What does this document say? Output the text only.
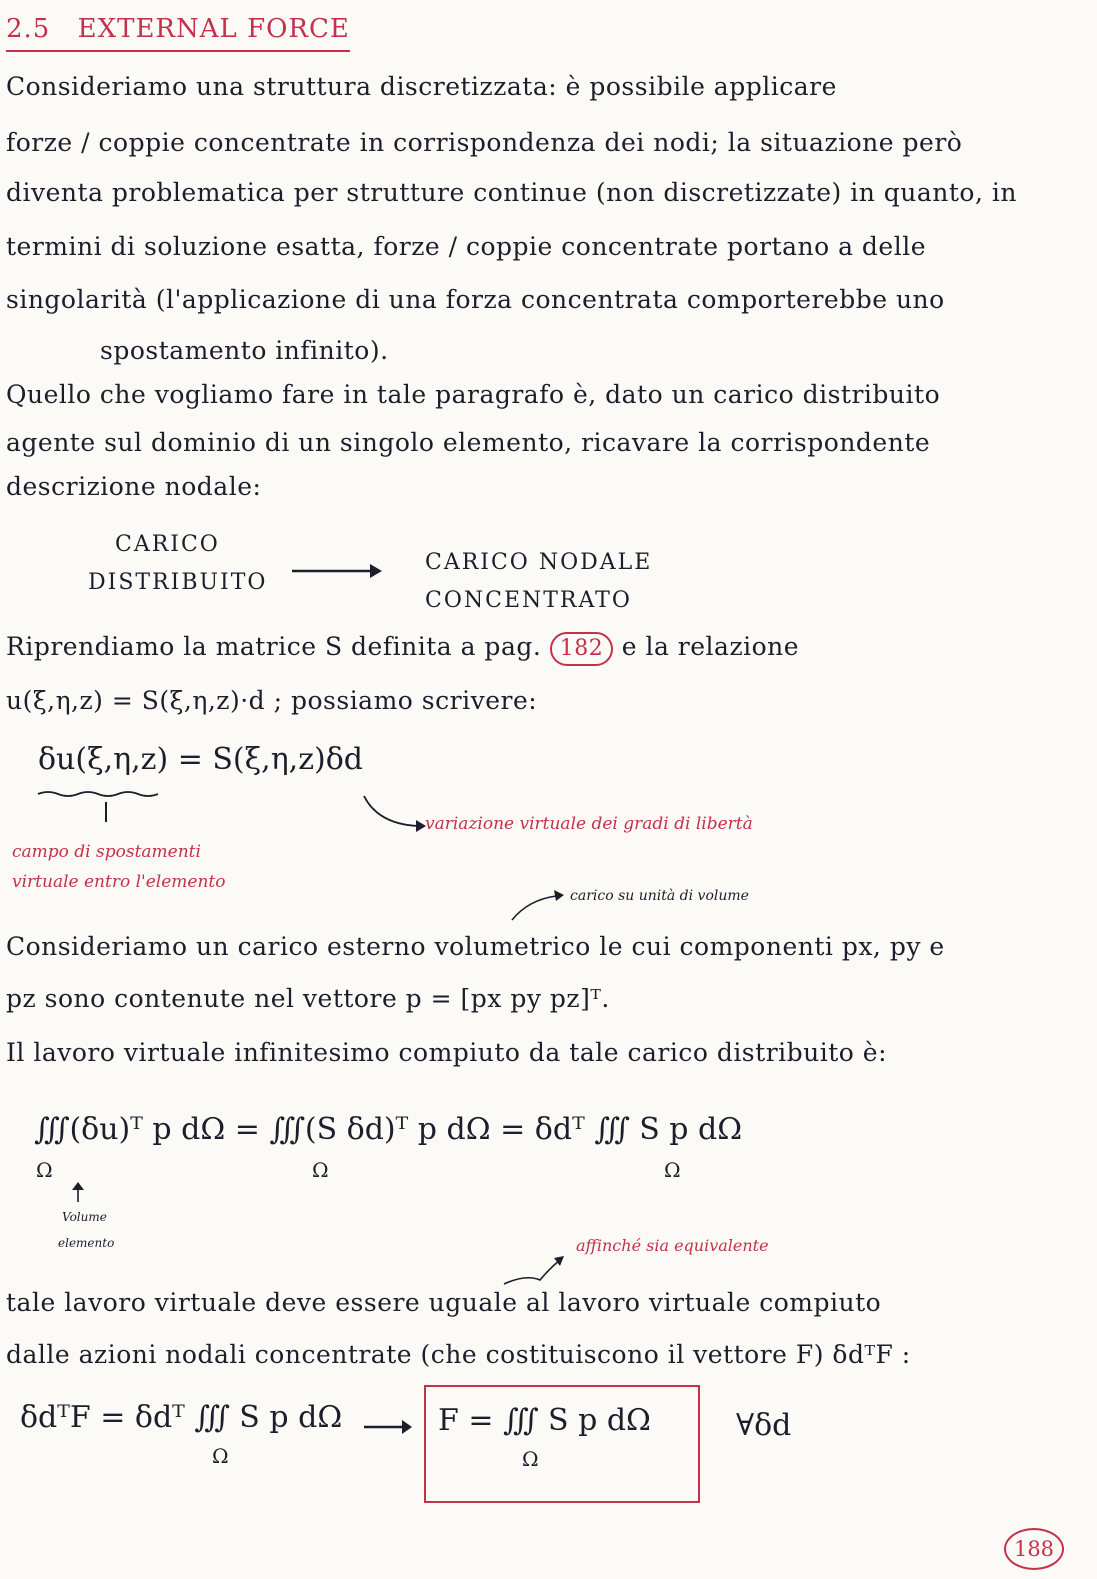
2.5 EXTERNAL FORCE
Consideriamo una struttura discretizzata: è possibile applicare
forze / coppie concentrate in corrispondenza dei nodi; la situazione però
diventa problematica per strutture continue (non discretizzate) in quanto, in
termini di soluzione esatta, forze / coppie concentrate portano a delle
singolarità (l'applicazione di una forza concentrata comporterebbe uno
spostamento infinito).
Quello che vogliamo fare in tale paragrafo è, dato un carico distribuito
agente sul dominio di un singolo elemento, ricavare la corrispondente
descrizione nodale:
CARICO
DISTRIBUITO
CARICO NODALE
CONCENTRATO
Riprendiamo la matrice S definita a pag. 182 e la relazione
u(ξ,η,z) = S(ξ,η,z)·d ; possiamo scrivere:
δu(ξ,η,z) = S(ξ,η,z)δd
variazione virtuale dei gradi di libertà
campo di spostamenti
virtuale entro l'elemento
carico su unità di volume
Consideriamo un carico esterno volumetrico le cui componenti px, py e
pz sono contenute nel vettore p = [px py pz]ᵀ.
Il lavoro virtuale infinitesimo compiuto da tale carico distribuito è:
∭(δu)ᵀ p dΩ = ∭(S δd)ᵀ p dΩ = δdᵀ ∭ S p dΩ
Ω	Ω	Ω
Volume
elemento	affinché sia equivalente
tale lavoro virtuale deve essere uguale al lavoro virtuale compiuto
dalle azioni nodali concentrate (che costituiscono il vettore F) δdᵀF :
δdᵀF = δdᵀ ∭ S p dΩ
Ω
F = ∭ S p dΩ
Ω
∀δd
188
